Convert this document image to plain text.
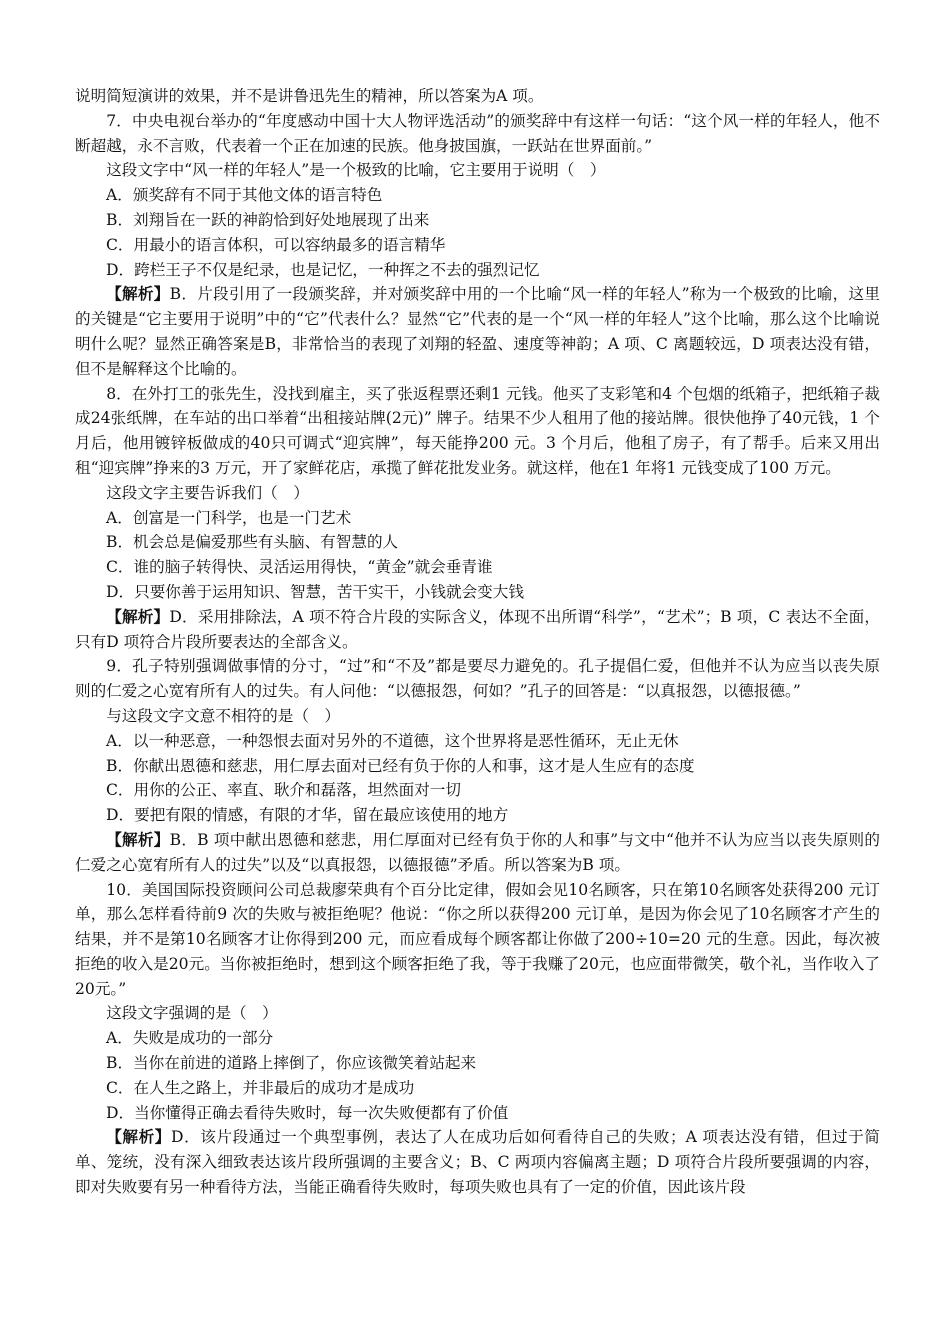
说明简短演讲的效果，并不是讲鲁迅先生的精神，所以答案为A 项。

7．中央电视台举办的“年度感动中国十大人物评选活动”的颁奖辞中有这样一句话：“这个风一样的年轻人，他不断超越，永不言败，代表着一个正在加速的民族。他身披国旗，一跃站在世界面前。”

这段文字中“风一样的年轻人”是一个极致的比喻，它主要用于说明（　）

A．颁奖辞有不同于其他文体的语言特色

B．刘翔旨在一跃的神韵恰到好处地展现了出来

C．用最小的语言体积，可以容纳最多的语言精华

D．跨栏王子不仅是纪录，也是记忆，一种挥之不去的强烈记忆

【解析】B．片段引用了一段颁奖辞，并对颁奖辞中用的一个比喻“风一样的年轻人”称为一个极致的比喻，这里的关键是“它主要用于说明”中的“它”代表什么？显然“它”代表的是一个“风一样的年轻人”这个比喻，那么这个比喻说明什么呢？显然正确答案是B，非常恰当的表现了刘翔的轻盈、速度等神韵；A 项、C 离题较远，D 项表达没有错，但不是解释这个比喻的。

8．在外打工的张先生，没找到雇主，买了张返程票还剩1 元钱。他买了支彩笔和4 个包烟的纸箱子，把纸箱子裁成24张纸牌，在车站的出口举着“出租接站牌(2元)” 牌子。结果不少人租用了他的接站牌。很快他挣了40元钱，1 个月后，他用镀锌板做成的40只可调式“迎宾牌”，每天能挣200 元。3 个月后，他租了房子，有了帮手。后来又用出租“迎宾牌”挣来的3 万元，开了家鲜花店，承揽了鲜花批发业务。就这样，他在1 年将1 元钱变成了100 万元。

这段文字主要告诉我们（　）

A．创富是一门科学，也是一门艺术

B．机会总是偏爱那些有头脑、有智慧的人

C．谁的脑子转得快、灵活运用得快，“黄金”就会垂青谁

D．只要你善于运用知识、智慧，苦干实干，小钱就会变大钱

【解析】D．采用排除法，A 项不符合片段的实际含义，体现不出所谓“科学”，“艺术”；B 项，C 表达不全面，只有D 项符合片段所要表达的全部含义。

9．孔子特别强调做事情的分寸，“过”和“不及”都是要尽力避免的。孔子提倡仁爱，但他并不认为应当以丧失原则的仁爱之心宽宥所有人的过失。有人问他：“以德报怨，何如？”孔子的回答是：“以真报怨，以德报德。”

与这段文字文意不相符的是（　）

A．以一种恶意，一种怨恨去面对另外的不道德，这个世界将是恶性循环，无止无休

B．你献出恩德和慈悲，用仁厚去面对已经有负于你的人和事，这才是人生应有的态度

C．用你的公正、率直、耿介和磊落，坦然面对一切

D．要把有限的情感，有限的才华，留在最应该使用的地方

【解析】B．B 项中献出恩德和慈悲，用仁厚面对已经有负于你的人和事”与文中“他并不认为应当以丧失原则的仁爱之心宽宥所有人的过失”以及“以真报怨，以德报德”矛盾。所以答案为B 项。

10．美国国际投资顾问公司总裁廖荣典有个百分比定律，假如会见10名顾客，只在第10名顾客处获得200 元订单，那么怎样看待前9 次的失败与被拒绝呢？他说：“你之所以获得200 元订单，是因为你会见了10名顾客才产生的结果，并不是第10名顾客才让你得到200 元，而应看成每个顾客都让你做了200÷10=20 元的生意。因此，每次被拒绝的收入是20元。当你被拒绝时，想到这个顾客拒绝了我，等于我赚了20元，也应面带微笑，敬个礼，当作收入了20元。”

这段文字强调的是（　）

A．失败是成功的一部分

B．当你在前进的道路上摔倒了，你应该微笑着站起来

C．在人生之路上，并非最后的成功才是成功

D．当你懂得正确去看待失败时，每一次失败便都有了价值

【解析】D．该片段通过一个典型事例，表达了人在成功后如何看待自己的失败；A 项表达没有错，但过于简单、笼统，没有深入细致表达该片段所强调的主要含义；B、C 两项内容偏离主题；D 项符合片段所要强调的内容，即对失败要有另一种看待方法，当能正确看待失败时，每项失败也具有了一定的价值，因此该片段
